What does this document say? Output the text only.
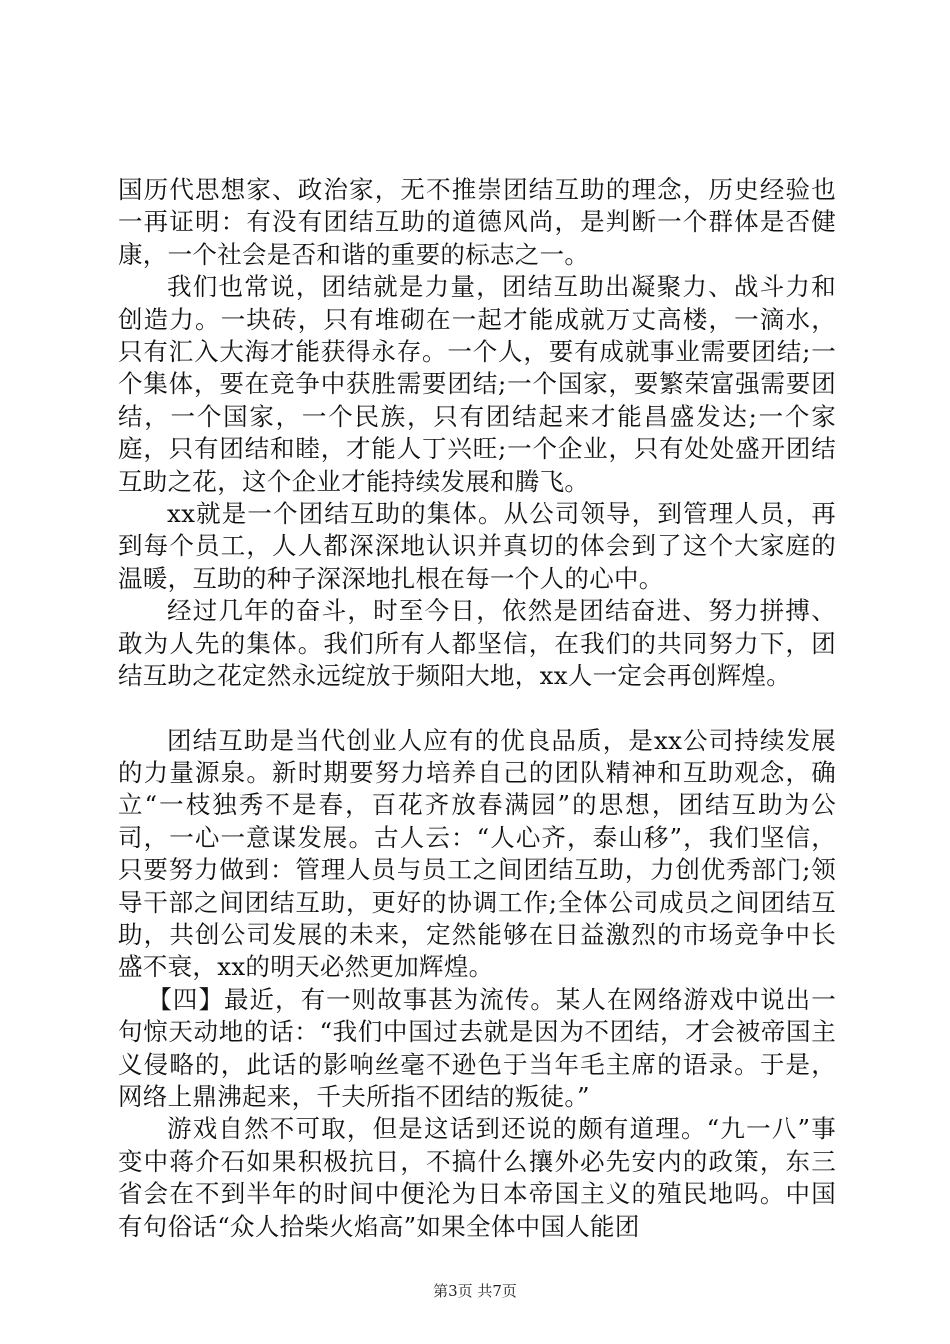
国历代思想家、政治家，无不推崇团结互助的理念，历史经验也一再证明：有没有团结互助的道德风尚，是判断一个群体是否健康，一个社会是否和谐的重要的标志之一。

我们也常说，团结就是力量，团结互助出凝聚力、战斗力和创造力。一块砖，只有堆砌在一起才能成就万丈高楼，一滴水，只有汇入大海才能获得永存。一个人，要有成就事业需要团结;一个集体，要在竞争中获胜需要团结;一个国家，要繁荣富强需要团结，一个国家，一个民族，只有团结起来才能昌盛发达;一个家庭，只有团结和睦，才能人丁兴旺;一个企业，只有处处盛开团结互助之花，这个企业才能持续发展和腾飞。

xx就是一个团结互助的集体。从公司领导，到管理人员，再到每个员工，人人都深深地认识并真切的体会到了这个大家庭的温暖，互助的种子深深地扎根在每一个人的心中。

经过几年的奋斗，时至今日，依然是团结奋进、努力拼搏、敢为人先的集体。我们所有人都坚信，在我们的共同努力下，团结互助之花定然永远绽放于频阳大地，xx人一定会再创辉煌。

团结互助是当代创业人应有的优良品质，是xx公司持续发展的力量源泉。新时期要努力培养自己的团队精神和互助观念，确立“一枝独秀不是春，百花齐放春满园”的思想，团结互助为公司，一心一意谋发展。古人云：“人心齐，泰山移”，我们坚信，只要努力做到：管理人员与员工之间团结互助，力创优秀部门;领导干部之间团结互助，更好的协调工作;全体公司成员之间团结互助，共创公司发展的未来，定然能够在日益激烈的市场竞争中长盛不衰，xx的明天必然更加辉煌。

【四】最近，有一则故事甚为流传。某人在网络游戏中说出一句惊天动地的话：“我们中国过去就是因为不团结，才会被帝国主义侵略的，此话的影响丝毫不逊色于当年毛主席的语录。于是，网络上鼎沸起来，千夫所指不团结的叛徒。”

游戏自然不可取，但是这话到还说的颇有道理。“九一八”事变中蒋介石如果积极抗日，不搞什么攘外必先安内的政策，东三省会在不到半年的时间中便沦为日本帝国主义的殖民地吗。中国有句俗话“众人拾柴火焰高”如果全体中国人能团

第3页 共7页
